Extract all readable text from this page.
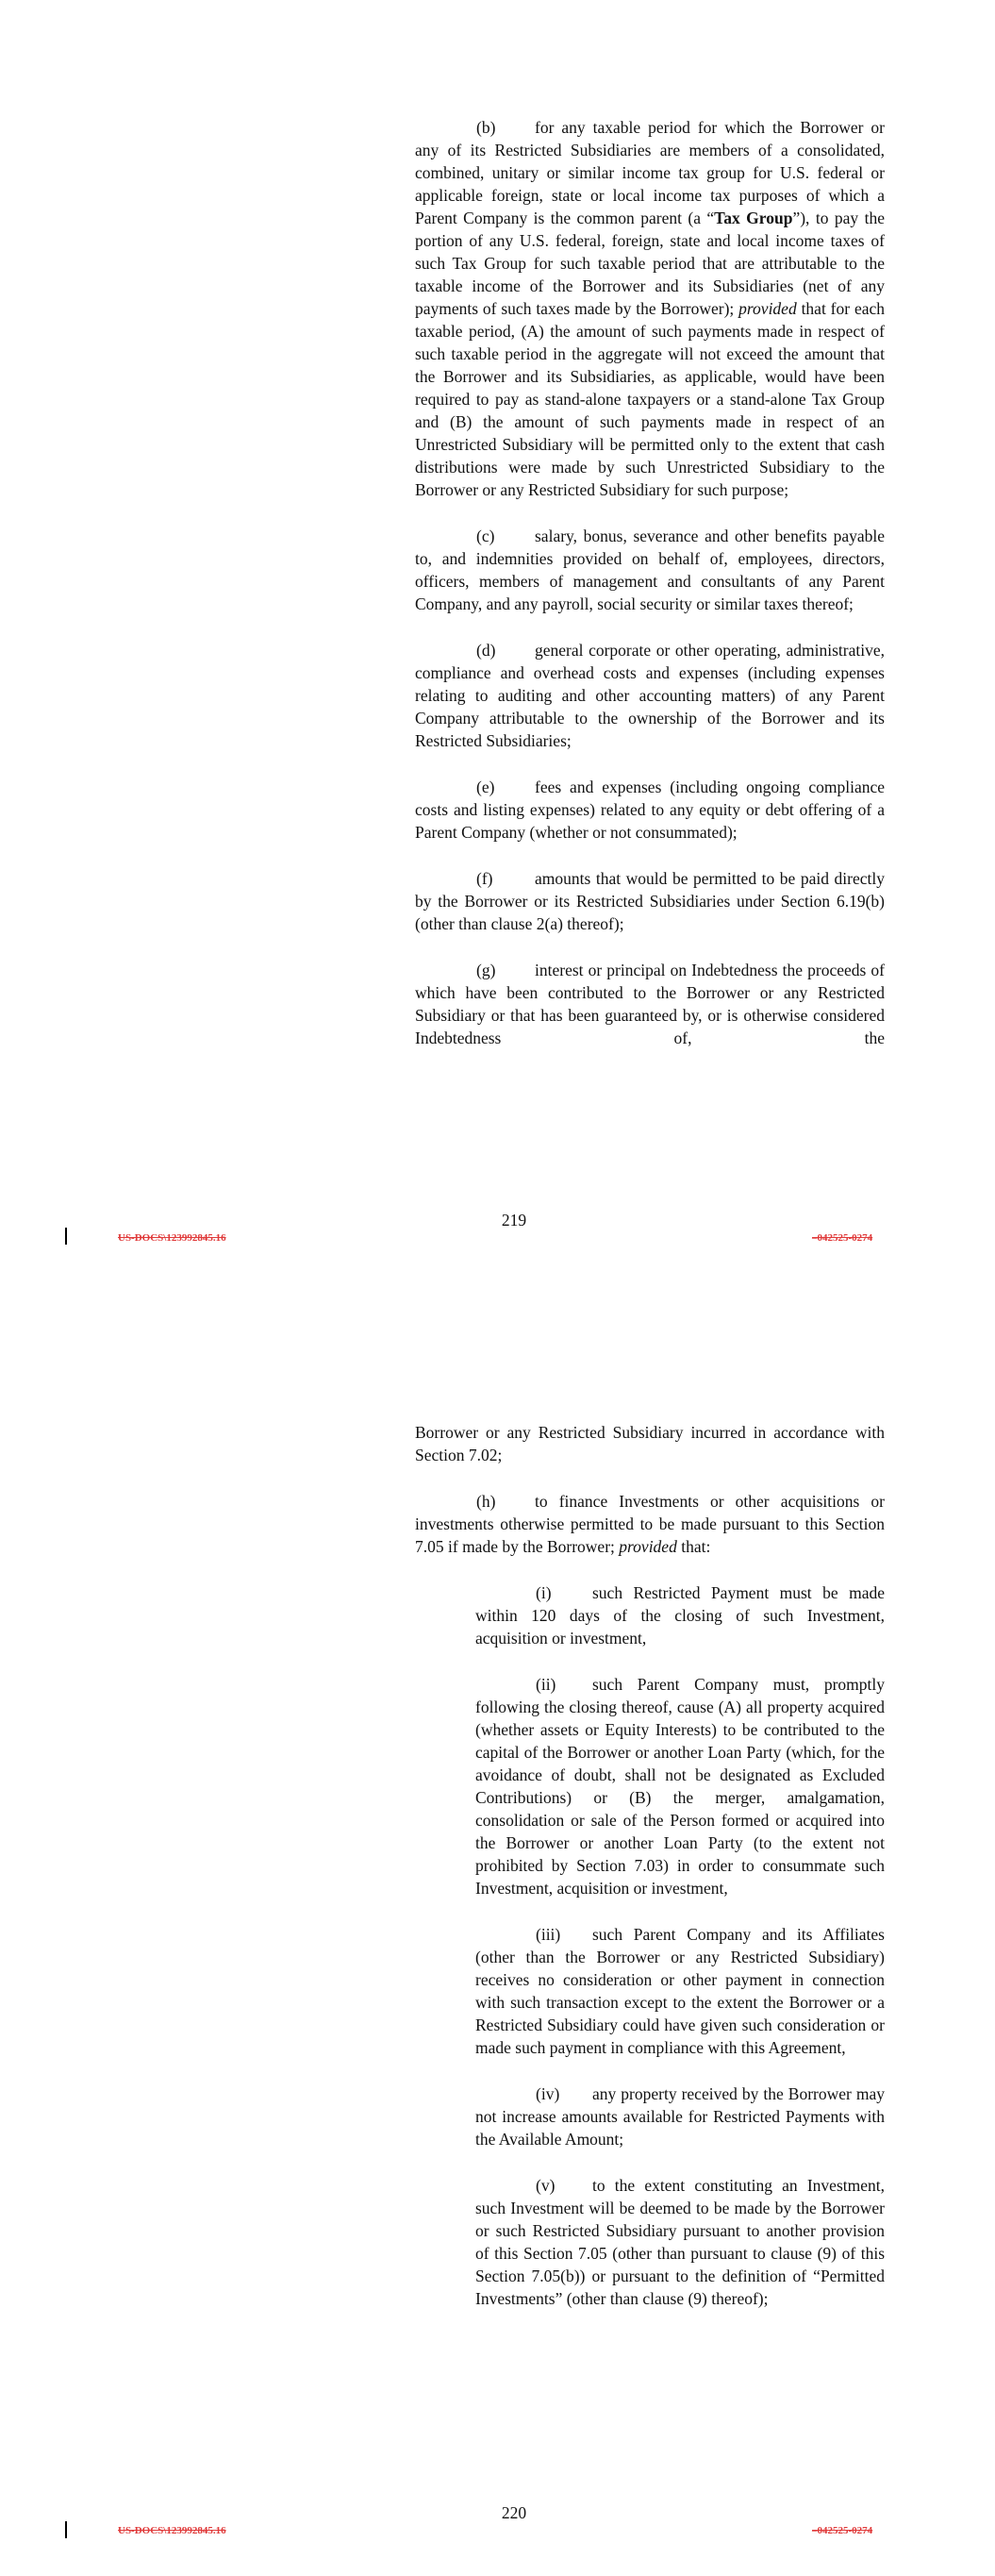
(b) for any taxable period for which the Borrower or any of its Restricted Subsidiaries are members of a consolidated, combined, unitary or similar income tax group for U.S. federal or applicable foreign, state or local income tax purposes of which a Parent Company is the common parent (a “Tax Group”), to pay the portion of any U.S. federal, foreign, state and local income taxes of such Tax Group for such taxable period that are attributable to the taxable income of the Borrower and its Subsidiaries (net of any payments of such taxes made by the Borrower); provided that for each taxable period, (A) the amount of such payments made in respect of such taxable period in the aggregate will not exceed the amount that the Borrower and its Subsidiaries, as applicable, would have been required to pay as stand-alone taxpayers or a stand-alone Tax Group and (B) the amount of such payments made in respect of an Unrestricted Subsidiary will be permitted only to the extent that cash distributions were made by such Unrestricted Subsidiary to the Borrower or any Restricted Subsidiary for such purpose;

(c) salary, bonus, severance and other benefits payable to, and indemnities provided on behalf of, employees, directors, officers, members of management and consultants of any Parent Company, and any payroll, social security or similar taxes thereof;

(d) general corporate or other operating, administrative, compliance and overhead costs and expenses (including expenses relating to auditing and other accounting matters) of any Parent Company attributable to the ownership of the Borrower and its Restricted Subsidiaries;

(e) fees and expenses (including ongoing compliance costs and listing expenses) related to any equity or debt offering of a Parent Company (whether or not consummated);

(f)	amounts that would be permitted to be paid directly by the Borrower or its Restricted Subsidiaries under Section 6.19(b) (other than clause 2(a) thereof);

(g) interest or principal on Indebtedness the proceeds of which have been contributed to the Borrower or any Restricted Subsidiary or that has been guaranteed by, or is otherwise considered Indebtedness of, the

219
US-DOCS\123992845.16	–042525-0274

Borrower or any Restricted Subsidiary incurred in accordance with Section 7.02;

(h) to finance Investments or other acquisitions or investments otherwise permitted to be made pursuant to this Section 7.05 if made by the Borrower; provided that:

(i) such Restricted Payment must be made within 120 days of the closing of such Investment, acquisition or investment,

(ii) such Parent Company must, promptly following the closing thereof, cause (A) all property acquired (whether assets or Equity Interests) to be contributed to the capital of the Borrower or another Loan Party (which, for the avoidance of doubt, shall not be designated as Excluded Contributions) or (B) the merger, amalgamation, consolidation or sale of the Person formed or acquired into the Borrower or another Loan Party (to the extent not prohibited by Section 7.03) in order to consummate such Investment, acquisition or investment,

(iii) such Parent Company and its Affiliates (other than the Borrower or any Restricted Subsidiary) receives no consideration or other payment in connection with such transaction except to the extent the Borrower or a Restricted Subsidiary could have given such consideration or made such payment in compliance with this Agreement,

(iv) any property received by the Borrower may not increase amounts available for Restricted Payments with the Available Amount;

(v) to the extent constituting an Investment, such Investment will be deemed to be made by the Borrower or such Restricted Subsidiary pursuant to another provision of this Section 7.05 (other than pursuant to clause (9) of this Section 7.05(b)) or pursuant to the definition of “Permitted Investments” (other than clause (9) thereof);

220
US-DOCS\123992845.16	–042525-0274
